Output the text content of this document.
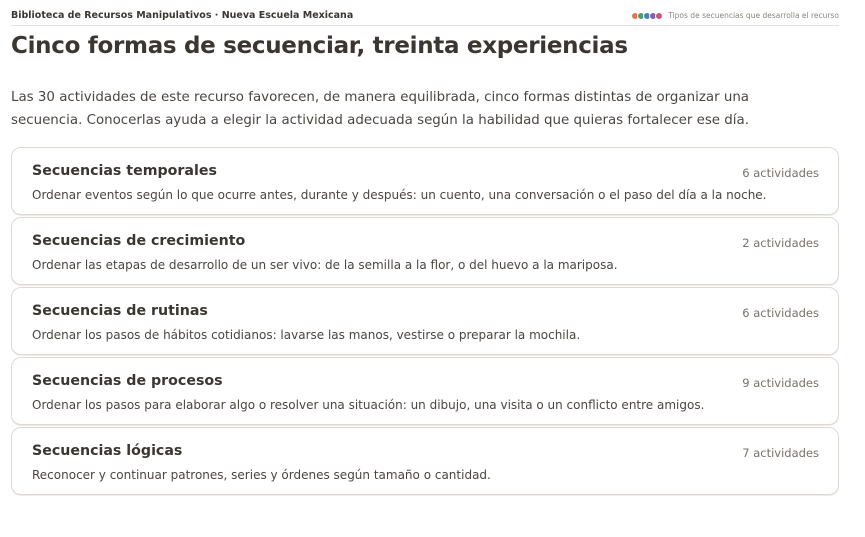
Biblioteca de Recursos Manipulativos · Nueva Escuela Mexicana	Tipos de secuencias que desarrolla el recurso
Cinco formas de secuenciar, treinta experiencias

Las 30 actividades de este recurso favorecen, de manera equilibrada, cinco formas distintas de organizar una secuencia. Conocerlas ayuda a elegir la actividad adecuada según la habilidad que quieras fortalecer ese día.

Secuencias temporales	6 actividades
Ordenar eventos según lo que ocurre antes, durante y después: un cuento, una conversación o el paso del día a la noche.
Secuencias de crecimiento	2 actividades
Ordenar las etapas de desarrollo de un ser vivo: de la semilla a la flor, o del huevo a la mariposa.
Secuencias de rutinas	6 actividades
Ordenar los pasos de hábitos cotidianos: lavarse las manos, vestirse o preparar la mochila.
Secuencias de procesos	9 actividades
Ordenar los pasos para elaborar algo o resolver una situación: un dibujo, una visita o un conflicto entre amigos.
Secuencias lógicas	7 actividades
Reconocer y continuar patrones, series y órdenes según tamaño o cantidad.
